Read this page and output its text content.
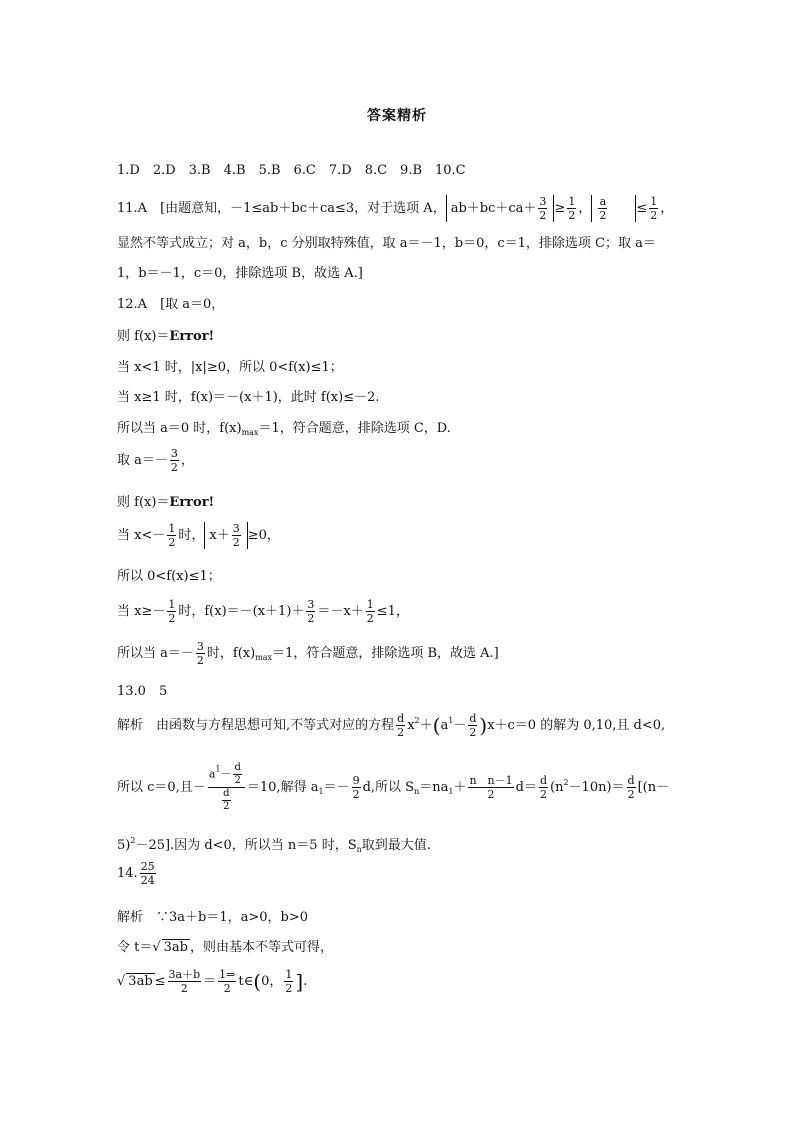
答案精析
1.D　2.D　3.B　4.B　5.B　6.C　7.D　8.C　9.B　10.C
11.A　[由题意知，－1≤ab＋bc＋ca≤3，对于选项 A， $ab+bc+ca+ \frac{3}{2} \ge \frac{1}{2}$ ， $\frac{a}{2} \le \frac{1}{2}$ ，
显然不等式成立；对 a，b，c 分别取特殊值，取 a＝－1，b＝0，c＝1，排除选项 C；取 a＝
1，b＝－1，c＝0，排除选项 B，故选 A.]
12.A　[取 a＝0，
则 f(x)＝Error!
当 x<1 时，|x|≥0，所以 0<f(x)≤1；
当 x≥1 时，f(x)＝－(x＋1)，此时 f(x)≤－2.
所以当 a＝0 时，$f(x)_{max}=1$，符合题意，排除选项 C，D.
取 $a=- \frac{3}{2}$ ，
则 f(x)＝Error!
当 $x<- \frac{1}{2}$ 时， $x+ \frac{3}{2} \ge 0$，
所以 0<f(x)≤1；
当 $x\ge- \frac{1}{2}$ 时，$f(x)=-(x+1)+ \frac{3}{2} =-x+ \frac{1}{2} \le 1$，
所以当 $a=- \frac{3}{2}$ 时，$f(x)_{max}=1$，符合题意，排除选项 B，故选 A.]
13.0　5
解析　由函数与方程思想可知,不等式对应的方程 $\frac{d}{2} x^2+(a^1- \frac{d}{2} )x+c=0$ 的解为 0,10,且 d<0,
所以 c＝0,且－ $\frac{a^1- \frac{d}{2}}{\frac{d}{2}} =10$,解得 $a_1=- \frac{9}{2} d$,所以 $S_n=na_1+ \frac{\text{n　n－1}}{2} d= \frac{d}{2} (n^2-10n)= \frac{d}{2} [(n-$
5)$^2$－25].因为 d<0，所以当 n＝5 时，$S_n$取到最大值.
14. $\frac{25}{24}$
解析　∵3a＋b＝1，a>0，b>0
令 t＝√ 3ab ，则由基本不等式可得，
√ $3ab \le \frac{3a+b}{2} = \frac{1\Rightarrow}{2}$ t∈(0， $\frac{1}{2}$ ].
